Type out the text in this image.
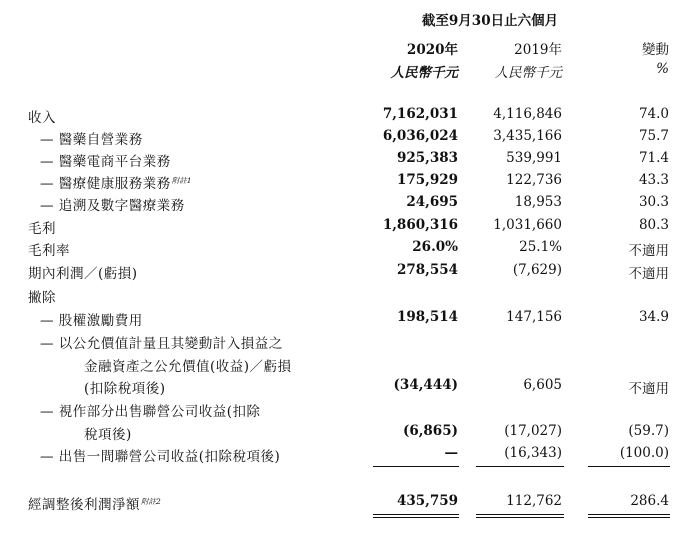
截至9月30日止六個月
2020年	2019年	變動
人民幣千元	人民幣千元	%
收入	7,162,031	4,116,846	74.0
— 醫藥自營業務	6,036,024	3,435,166	75.7
— 醫藥電商平台業務	925,383	539,991	71.4
— 醫療健康服務業務$^{附註1}$	175,929	122,736	43.3
— 追溯及數字醫療業務	24,695	18,953	30.3
毛利	1,860,316	1,031,660	80.3
毛利率	26.0%	25.1%	不適用
期內利潤／(虧損)	278,554	(7,629)	不適用
撇除
— 股權激勵費用	198,514	147,156	34.9
— 以公允價值計量且其變動計入損益之
金融資產之公允價值(收益)／虧損
(扣除稅項後)	(34,444)	6,605	不適用
— 視作部分出售聯營公司收益(扣除
稅項後)	(6,865)	(17,027)	(59.7)
— 出售一間聯營公司收益(扣除稅項後)	—	(16,343)	(100.0)
經調整後利潤淨額$^{附註2}$	435,759	112,762	286.4
